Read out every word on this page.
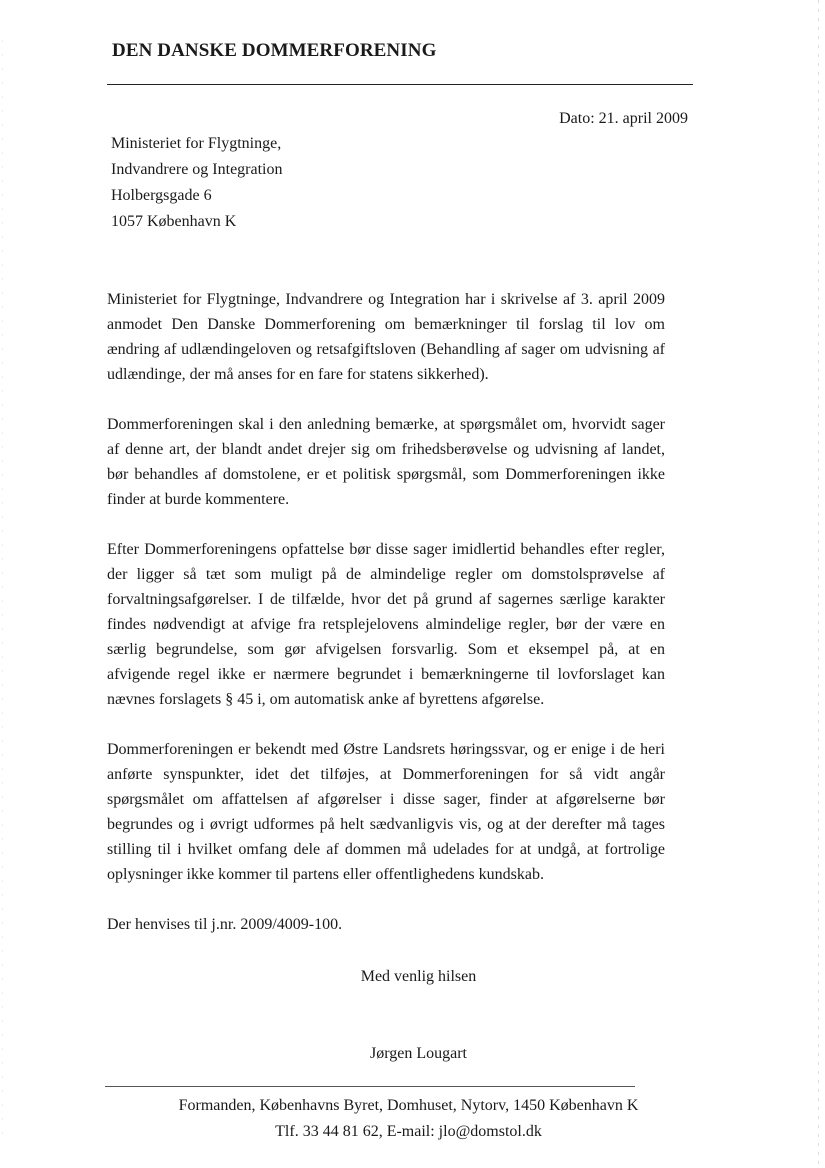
DEN DANSKE DOMMERFORENING
Dato: 21. april 2009
Ministeriet for Flygtninge,
Indvandrere og Integration
Holbergsgade 6
1057 København K

Ministeriet for Flygtninge, Indvandrere og Integration har i skrivelse af 3. april 2009 anmodet Den Danske Dommerforening om bemærkninger til forslag til lov om ændring af udlændingeloven og retsafgiftsloven (Behandling af sager om udvisning af udlændinge, der må anses for en fare for statens sikkerhed).

Dommerforeningen skal i den anledning bemærke, at spørgsmålet om, hvorvidt sager af denne art, der blandt andet drejer sig om frihedsberøvelse og udvisning af landet, bør behandles af domstolene, er et politisk spørgsmål, som Dommerforeningen ikke finder at burde kommentere.

Efter Dommerforeningens opfattelse bør disse sager imidlertid behandles efter regler, der ligger så tæt som muligt på de almindelige regler om domstolsprøvelse af forvaltningsafgørelser. I de tilfælde, hvor det på grund af sagernes særlige karakter findes nødvendigt at afvige fra retsplejelovens almindelige regler, bør der være en særlig begrundelse, som gør afvigelsen forsvarlig. Som et eksempel på, at en afvigende regel ikke er nærmere begrundet i bemærkningerne til lovforslaget kan nævnes forslagets § 45 i, om automatisk anke af byrettens afgørelse.

Dommerforeningen er bekendt med Østre Landsrets høringssvar, og er enige i de heri anførte synspunkter, idet det tilføjes, at Dommerforeningen for så vidt angår spørgsmålet om affattelsen af afgørelser i disse sager, finder at afgørelserne bør begrundes og i øvrigt udformes på helt sædvanligvis vis, og at der derefter må tages stilling til i hvilket omfang dele af dommen må udelades for at undgå, at fortrolige oplysninger ikke kommer til partens eller offentlighedens kundskab.

Der henvises til j.nr. 2009/4009-100.

Med venlig hilsen
Jørgen Lougart
Formanden, Københavns Byret, Domhuset, Nytorv, 1450 København K
Tlf. 33 44 81 62, E-mail: jlo@domstol.dk
